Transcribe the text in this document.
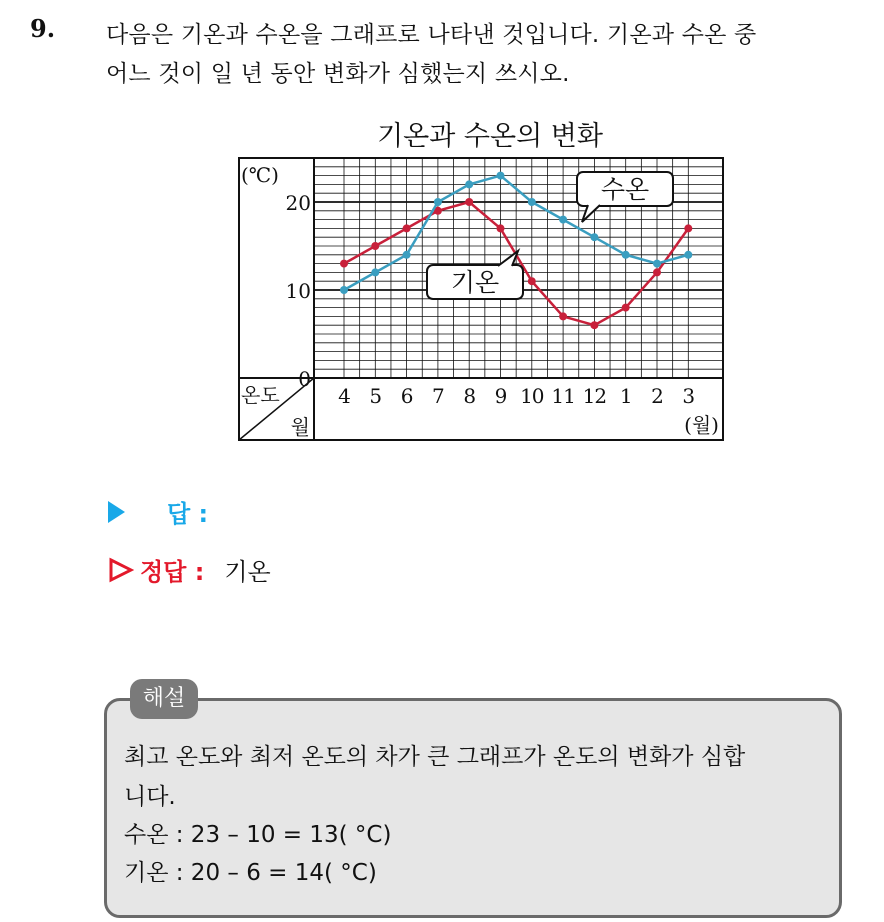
9. 다음은 기온과 수온을 그래프로 나타낸 것입니다. 기온과 수온 중
어느 것이 일 년 동안 변화가 심했는지 쓰시오.
기온과 수온의 변화
(℃)
20
10
0
온도
월
4 5 6 7 8 9 10 11 12 1 2 3
(월)
수온
기온
답 :
정답 : 기온
해설
최고 온도와 최저 온도의 차가 큰 그래프가 온도의 변화가 심합
니다.
수온 : 23 – 10 = 13( °C)
기온 : 20 – 6 = 14( °C)
